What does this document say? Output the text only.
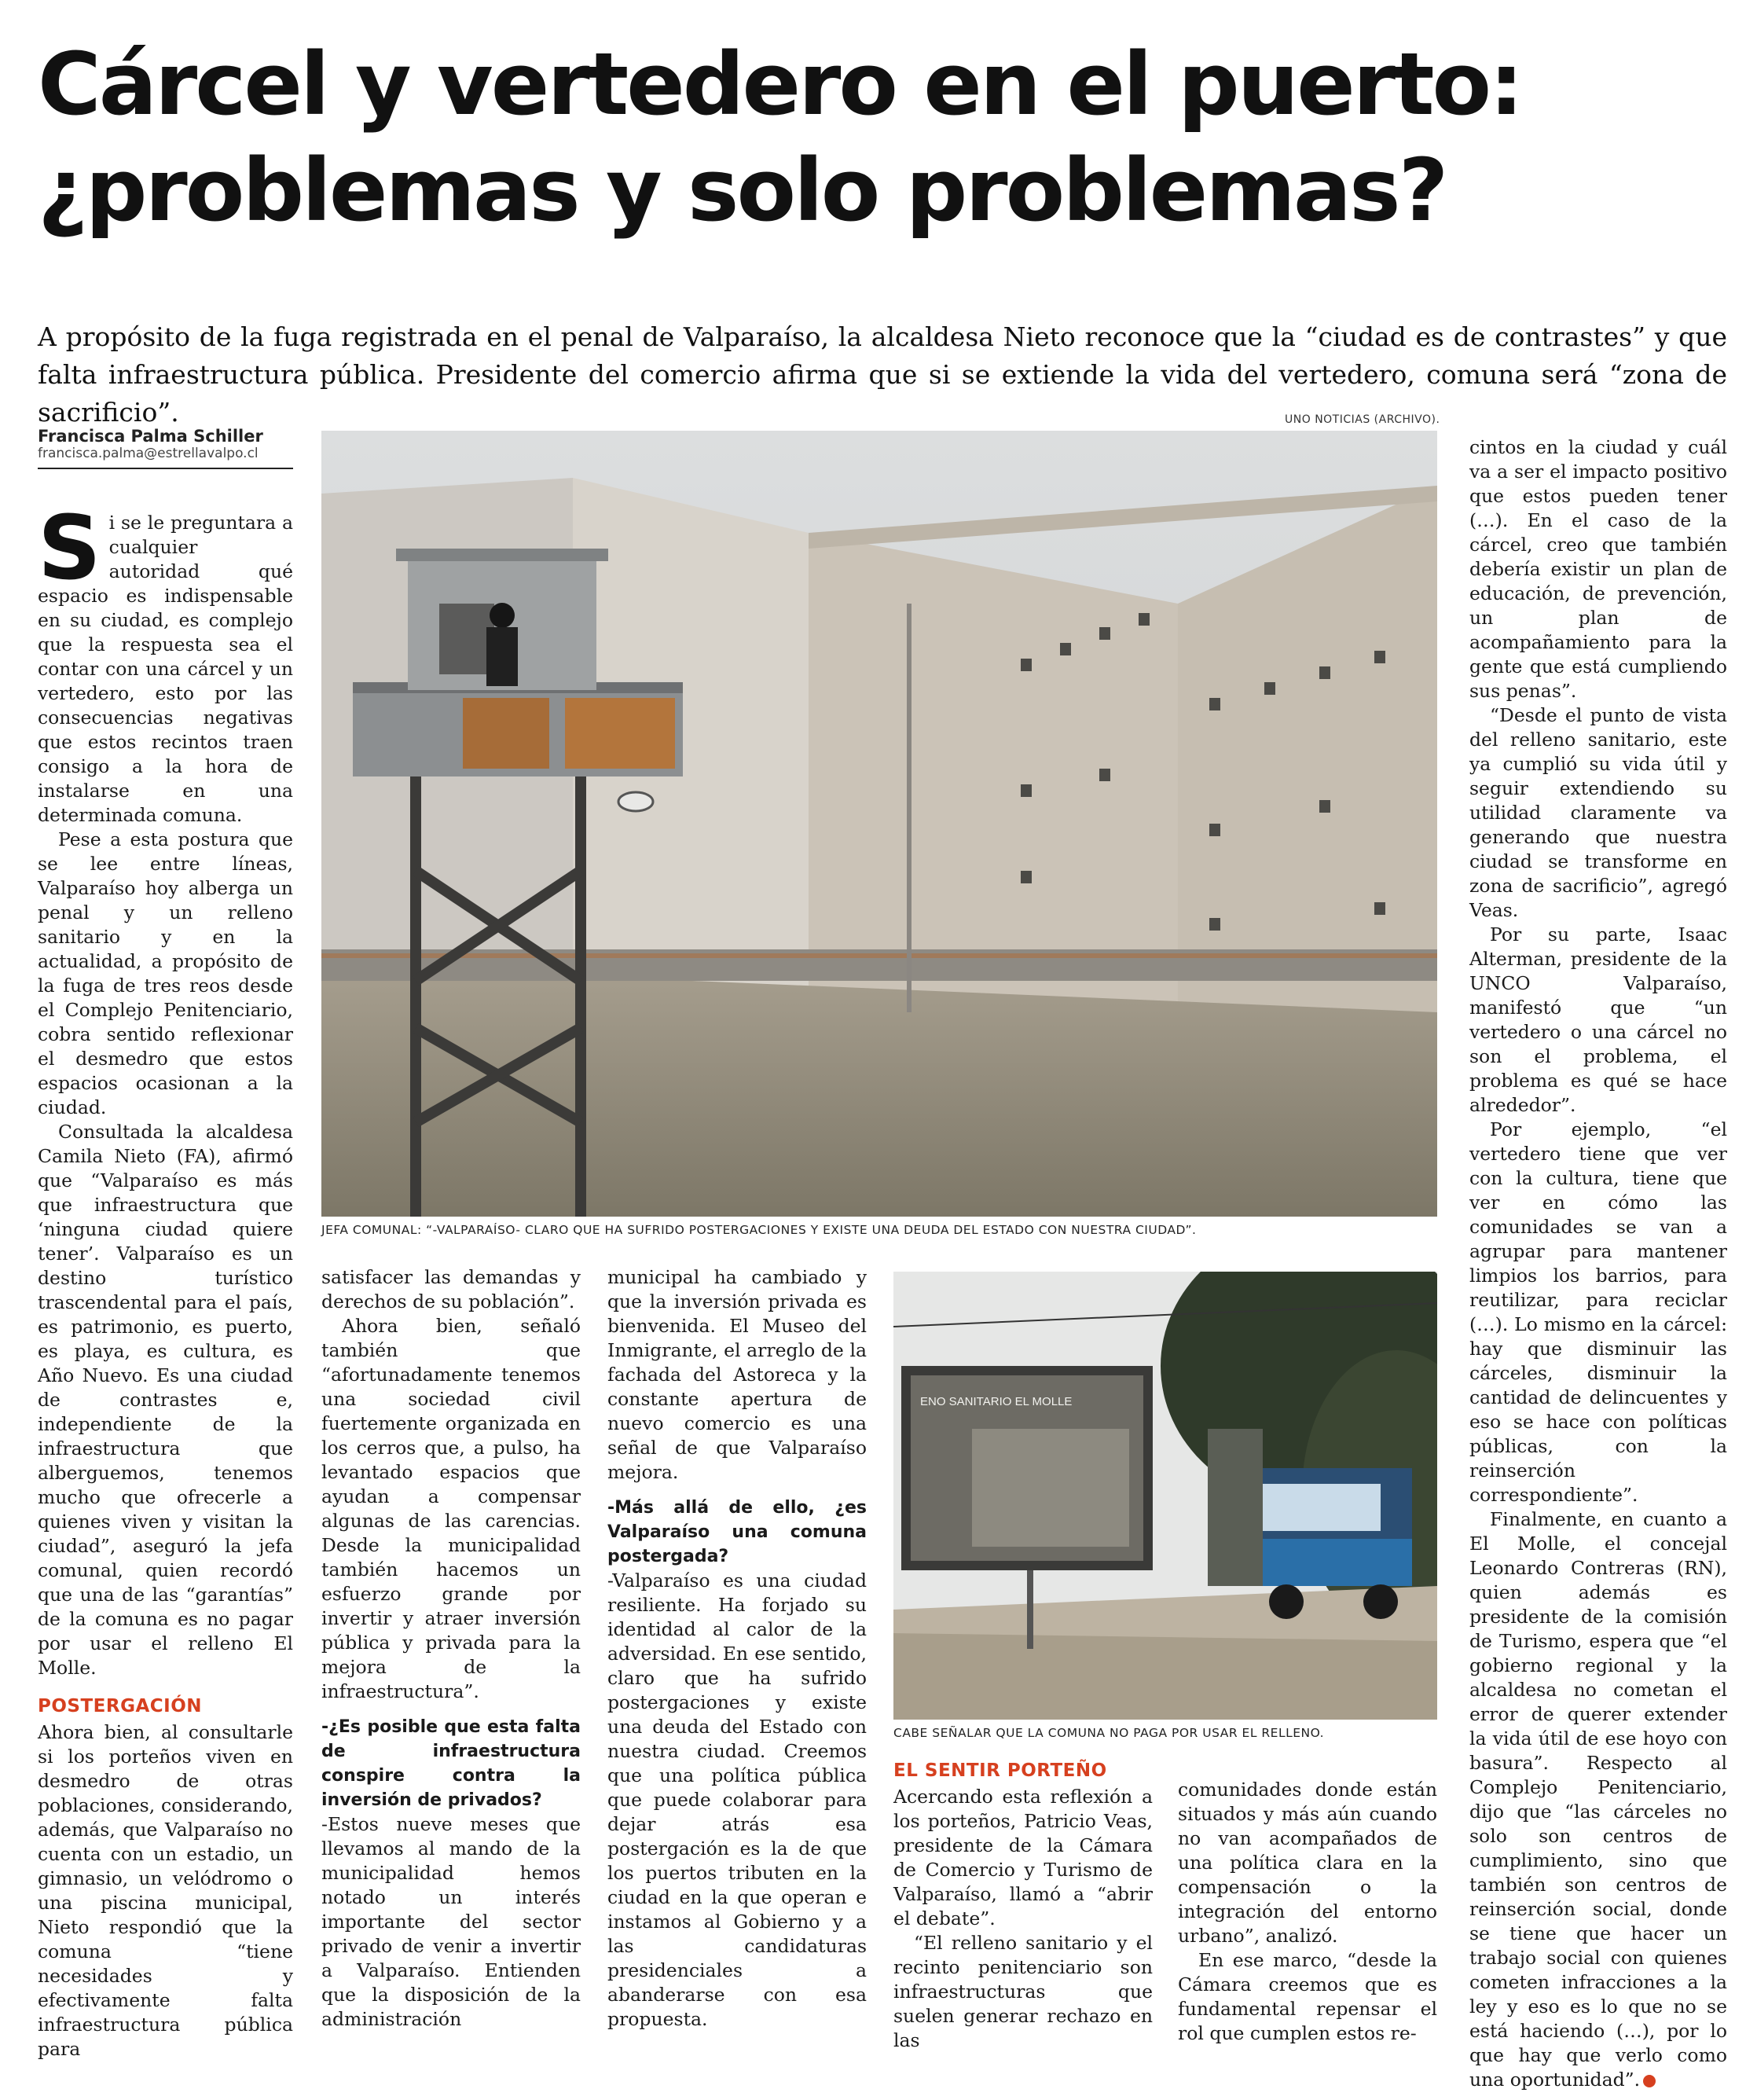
Cárcel y vertedero en el puerto: ¿problemas y solo problemas?

A propósito de la fuga registrada en el penal de Valparaíso, la alcaldesa Nieto reconoce que la “ciudad es de contrastes” y que falta infraestructura pública. Presidente del comercio afirma que si se extiende la vida del vertedero, comuna será “zona de sacrificio”.	UNO NOTICIAS (ARCHIVO).
Francisca Palma Schiller
francisca.palma@estrellavalpo.cl
JEFA COMUNAL: “-VALPARAÍSO- CLARO QUE HA SUFRIDO POSTERGACIONES Y EXISTE UNA DEUDA DEL ESTADO CON NUESTRA CIUDAD”.
ENO SANITARIO EL MOLLE
CABE SEÑALAR QUE LA COMUNA NO PAGA POR USAR EL RELLENO.

Si se le preguntara a cualquier autoridad qué espacio es indispensable en su ciudad, es complejo que la respuesta sea el contar con una cárcel y un vertedero, esto por las consecuencias negativas que estos recintos traen consigo a la hora de instalarse en una determinada comuna.

Pese a esta postura que se lee entre líneas, Valparaíso hoy alberga un penal y un relleno sanitario y en la actualidad, a propósito de la fuga de tres reos desde el Complejo Penitenciario, cobra sentido reflexionar el desmedro que estos espacios ocasionan a la ciudad.

Consultada la alcaldesa Camila Nieto (FA), afirmó que “Valparaíso es más que infraestructura que ‘ninguna ciudad quiere tener’. Valparaíso es un destino turístico trascendental para el país, es patrimonio, es puerto, es playa, es cultura, es Año Nuevo. Es una ciudad de contrastes e, independiente de la infraestructura que alberguemos, tenemos mucho que ofrecerle a quienes viven y visitan la ciudad”, aseguró la jefa comunal, quien recordó que una de las “garantías” de la comuna es no pagar por usar el relleno El Molle.

POSTERGACIÓN

Ahora bien, al consultarle si los porteños viven en desmedro de otras poblaciones, considerando, además, que Valparaíso no cuenta con un estadio, un gimnasio, un velódromo o una piscina municipal, Nieto respondió que la comuna “tiene necesidades y efectivamente falta infraestructura pública para

satisfacer las demandas y derechos de su población”.

Ahora bien, señaló también que “afortunadamente tenemos una sociedad civil fuertemente organizada en los cerros que, a pulso, ha levantado espacios que ayudan a compensar algunas de las carencias. Desde la municipalidad también hacemos un esfuerzo grande por invertir y atraer inversión pública y privada para la mejora de la infraestructura”.

-¿Es posible que esta falta de infraestructura conspire contra la inversión de privados?

-Estos nueve meses que llevamos al mando de la municipalidad hemos notado un interés importante del sector privado de venir a invertir a Valparaíso. Entienden que la disposición de la administración

municipal ha cambiado y que la inversión privada es bienvenida. El Museo del Inmigrante, el arreglo de la fachada del Astoreca y la constante apertura de nuevo comercio es una señal de que Valparaíso mejora.

-Más allá de ello, ¿es Valparaíso una comuna postergada?

-Valparaíso es una ciudad resiliente. Ha forjado su identidad al calor de la adversidad. En ese sentido, claro que ha sufrido postergaciones y existe una deuda del Estado con nuestra ciudad. Creemos que una política pública que puede colaborar para dejar atrás esa postergación es la de que los puertos tributen en la ciudad en la que operan e instamos al Gobierno y a las candidaturas presidenciales a abanderarse con esa propuesta.

EL SENTIR PORTEÑO

Acercando esta reflexión a los porteños, Patricio Veas, presidente de la Cámara de Comercio y Turismo de Valparaíso, llamó a “abrir el debate”.

“El relleno sanitario y el recinto penitenciario son infraestructuras que suelen generar rechazo en las

comunidades donde están situados y más aún cuando no van acompañados de una política clara en la compensación o la integración del entorno urbano”, analizó.

En ese marco, “desde la Cámara creemos que es fundamental repensar el rol que cumplen estos re-

cintos en la ciudad y cuál va a ser el impacto positivo que estos pueden tener (…). En el caso de la cárcel, creo que también debería existir un plan de educación, de prevención, un plan de acompañamiento para la gente que está cumpliendo sus penas”.

“Desde el punto de vista del relleno sanitario, este ya cumplió su vida útil y seguir extendiendo su utilidad claramente va generando que nuestra ciudad se transforme en zona de sacrificio”, agregó Veas.

Por su parte, Isaac Alterman, presidente de la UNCO Valparaíso, manifestó que “un vertedero o una cárcel no son el problema, el problema es qué se hace alrededor”.

Por ejemplo, “el vertedero tiene que ver con la cultura, tiene que ver en cómo las comunidades se van a agrupar para mantener limpios los barrios, para reutilizar, para reciclar (…). Lo mismo en la cárcel: hay que disminuir las cárceles, disminuir la cantidad de delincuentes y eso se hace con políticas públicas, con la reinserción correspondiente”.

Finalmente, en cuanto a El Molle, el concejal Leonardo Contreras (RN), quien además es presidente de la comisión de Turismo, espera que “el gobierno regional y la alcaldesa no cometan el error de querer extender la vida útil de ese hoyo con basura”. Respecto al Complejo Penitenciario, dijo que “las cárceles no solo son centros de cumplimiento, sino que también son centros de reinserción social, donde se tiene que hacer un trabajo social con quienes cometen infracciones a la ley y eso es lo que no se está haciendo (…), por lo que hay que verlo como una oportunidad”.
